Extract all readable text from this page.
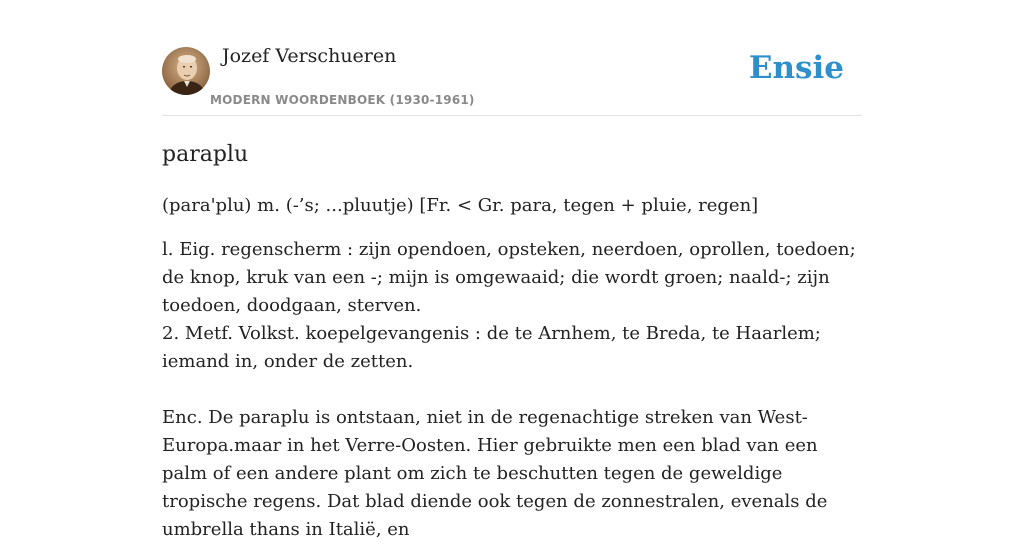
Jozef Verschueren
MODERN WOORDENBOEK (1930-1961)
Ensie
paraplu
(para'plu) m. (-’s; ...pluutje) [Fr. < Gr. para, tegen + pluie, regen]
l. Eig. regenscherm : zijn opendoen, opsteken, neerdoen, oprollen, toedoen; de knop, kruk van een -; mijn is omgewaaid; die wordt groen; naald-; zijn toedoen, doodgaan, sterven.
2. Metf. Volkst. koepelgevangenis : de te Arnhem, te Breda, te Haarlem; iemand in, onder de zetten.
Enc. De paraplu is ontstaan, niet in de regenachtige streken van West-Europa.maar in het Verre-Oosten. Hier gebruikte men een blad van een palm of een andere plant om zich te beschutten tegen de geweldige tropische regens. Dat blad diende ook tegen de zonnestralen, evenals de umbrella thans in Italië, en
